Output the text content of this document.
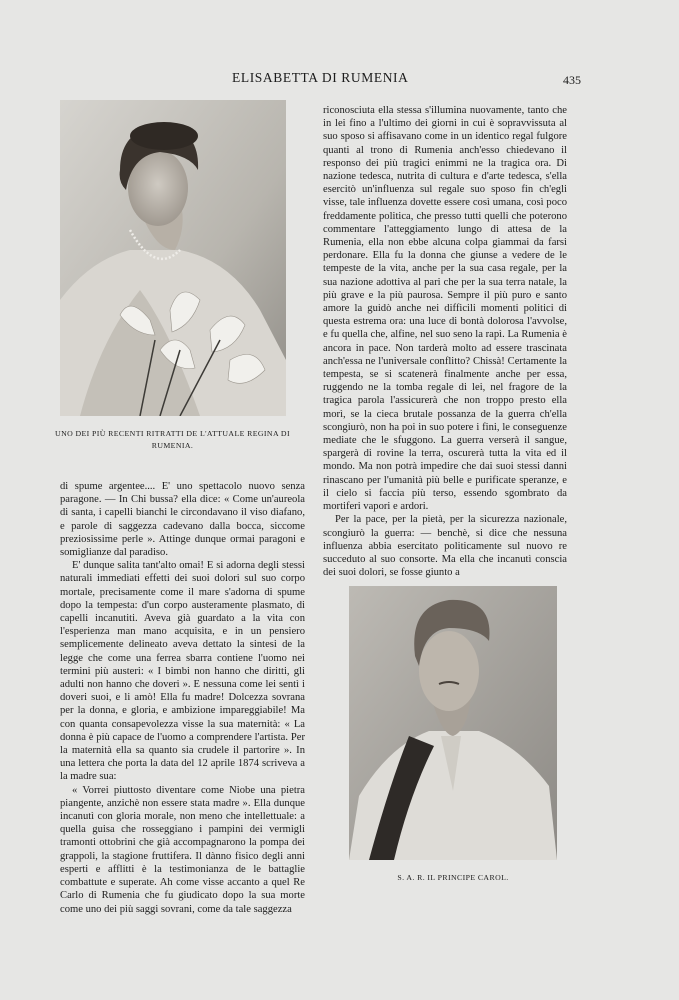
ELISABETTA DI RUMENIA	435
UNO DEI PIÙ RECENTI RITRATTI DE L'ATTUALE REGINA DI RUMENIA.

riconosciuta ella stessa s'illumina nuovamente, tanto che in lei fino a l'ultimo dei giorni in cui è sopravvissuta al suo sposo si affisavano come in un identico regal fulgore quanti al trono di Rumenia anch'esso chiedevano il responso dei più tragici enimmi ne la tragica ora. Di nazione tedesca, nutrita di cultura e d'arte tedesca, s'ella esercitò un'influenza sul regale suo sposo fin ch'egli visse, tale influenza dovette essere così umana, così poco freddamente politica, che presso tutti quelli che poterono commentare l'atteggiamento lungo di attesa de la Rumenia, ella non ebbe alcuna colpa giammai da farsi perdonare. Ella fu la donna che giunse a vedere de le tempeste de la vita, anche per la sua casa regale, per la sua nazione adottiva al pari che per la sua terra natale, la più grave e la più paurosa. Sempre il più puro e santo amore la guidò anche nei difficili momenti politici di questa estrema ora: una luce di bontà dolorosa l'avvolse, e fu quella che, alfine, nel suo seno la rapì. La Rumenia è ancora in pace. Non tarderà molto ad essere trascinata anch'essa ne l'universale conflitto? Chissà! Certamente la tempesta, se si scatenerà finalmente anche per essa, ruggendo ne la tomba regale di lei, nel fragore de la tragica parola l'assicurerà che non troppo presto ella morì, se la cieca brutale possanza de la guerra ch'ella scongiurò, non ha poi in suo potere i fini, le conseguenze mediate che le sfuggono. La guerra verserà il sangue, spargerà di rovine la terra, oscurerà tutta la vita ed il mondo. Ma non potrà impedire che dai suoi stessi danni rinascano per l'umanità più belle e purificate speranze, e il cielo si faccia più terso, essendo sgombrato da mortiferi vapori e ardori.

Per la pace, per la pietà, per la sicurezza nazionale, scongiurò la guerra: — benchè, si dice che nessuna influenza abbia esercitato politicamente sul nuovo re succeduto al suo consorte. Ma ella che incanutì conscia dei suoi dolori, se fosse giunto a

di spume argentee.... E' uno spettacolo nuovo senza paragone. — In Chi bussa? ella dice: « Come un'aureola di santa, i capelli bianchi le circondavano il viso diafano, e parole di saggezza cadevano dalla bocca, siccome preziosissime perle ». Attinge dunque ormai paragoni e somiglianze dal paradiso.

E' dunque salita tant'alto omai! E si adorna degli stessi naturali immediati effetti dei suoi dolori sul suo corpo mortale, precisamente come il mare s'adorna di spume dopo la tempesta: d'un corpo austeramente plasmato, di capelli incanutiti. Aveva già guardato a la vita con l'esperienza man mano acquisita, e in un pensiero semplicemente delineato aveva dettato la sintesi de la legge che come una ferrea sbarra contiene l'uomo nei termini più austeri: « I bimbi non hanno che diritti, gli adulti non hanno che doveri ». E nessuna come lei sentì i doveri suoi, e li amò! Ella fu madre! Dolcezza sovrana per la donna, e gloria, e ambizione impareggiabile! Ma con quanta consapevolezza visse la sua maternità: « La donna è più capace de l'uomo a comprendere l'artista. Per la maternità ella sa quanto sia crudele il partorire ». In una lettera che porta la data del 12 aprile 1874 scriveva a la madre sua:

« Vorrei piuttosto diventare come Niobe una pietra piangente, anzichè non essere stata madre ». Ella dunque incanutì con gloria morale, non meno che intellettuale: a quella guisa che rosseggiano i pampini dei vermigli tramonti ottobrini che già accompagnarono la pompa dei grappoli, la stagione fruttifera. Il dànno fisico degli anni esperti e afflitti è la testimonianza de le battaglie combattute e superate. Ah come visse accanto a quel Re Carlo di Rumenia che fu giudicato dopo la sua morte come uno dei più saggi sovrani, come da tale saggezza

S. A. R. IL PRINCIPE CAROL.
